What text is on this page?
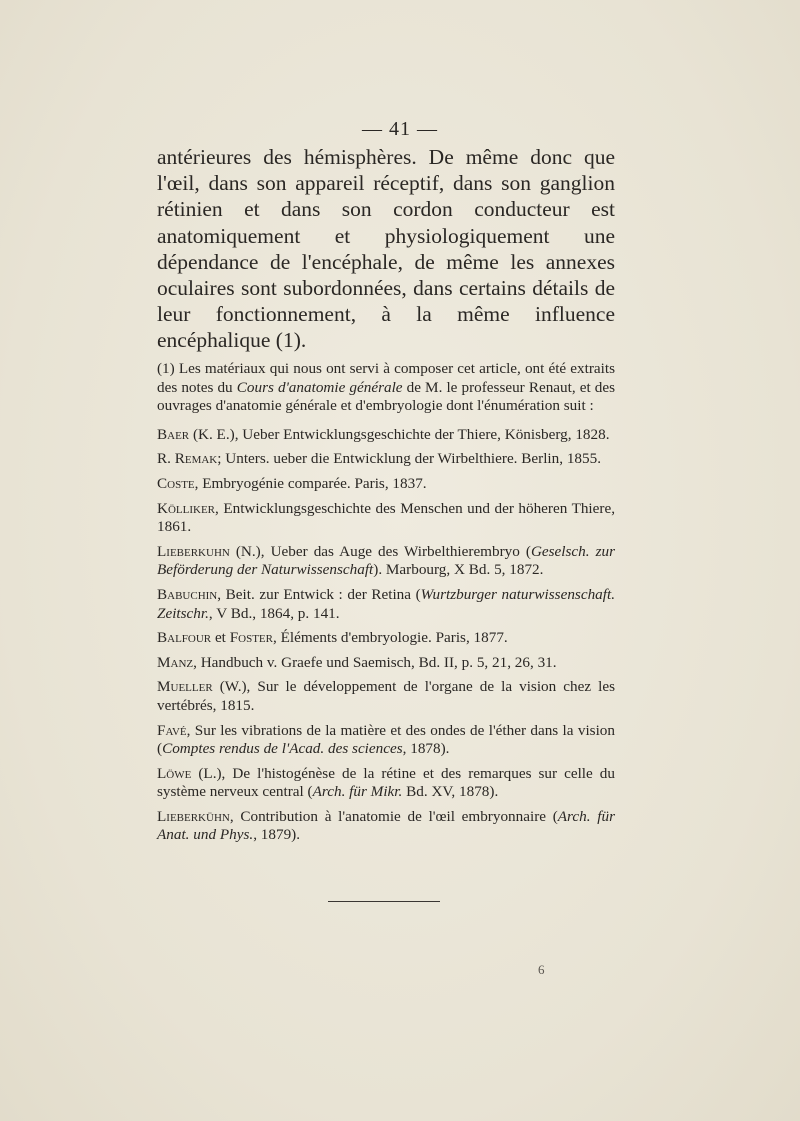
— 41 —

antérieures des hémisphères. De même donc que l'œil, dans son appareil réceptif, dans son ganglion rétinien et dans son cordon conducteur est anatomiquement et physiologiquement une dépendance de l'encéphale, de même les annexes oculaires sont subordonnées, dans certains détails de leur fonctionnement, à la même influence encéphalique (1).

(1) Les matériaux qui nous ont servi à composer cet article, ont été extraits des notes du Cours d'anatomie générale de M. le professeur Renaut, et des ouvrages d'anatomie générale et d'embryologie dont l'énumération suit :

Baer (K. E.), Ueber Entwicklungsgeschichte der Thiere, Könisberg, 1828.

R. Remak; Unters. ueber die Entwicklung der Wirbelthiere. Berlin, 1855.

Coste, Embryogénie comparée. Paris, 1837.

Kölliker, Entwicklungsgeschichte des Menschen und der höheren Thiere, 1861.

Lieberkuhn (N.), Ueber das Auge des Wirbelthierembryo (Geselsch. zur Beförderung der Naturwissenschaft). Marbourg, X Bd. 5, 1872.

Babuchin, Beit. zur Entwick : der Retina (Wurtzburger naturwissenschaft. Zeitschr., V Bd., 1864, p. 141.

Balfour et Foster, Éléments d'embryologie. Paris, 1877.

Manz, Handbuch v. Graefe und Saemisch, Bd. II, p. 5, 21, 26, 31.

Mueller (W.), Sur le développement de l'organe de la vision chez les vertébrés, 1815.

Favé, Sur les vibrations de la matière et des ondes de l'éther dans la vision (Comptes rendus de l'Acad. des sciences, 1878).

Löwe (L.), De l'histogénèse de la rétine et des remarques sur celle du système nerveux central (Arch. für Mikr. Bd. XV, 1878).

Lieberkühn, Contribution à l'anatomie de l'œil embryonnaire (Arch. für Anat. und Phys., 1879).

6
